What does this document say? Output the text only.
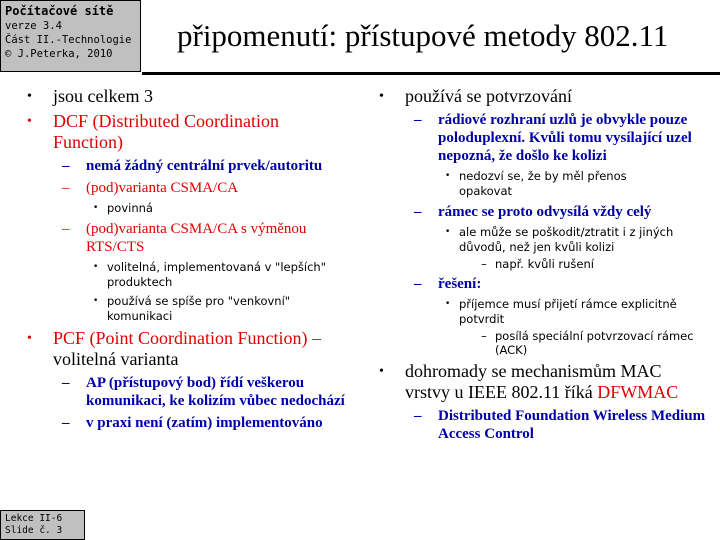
Počítačové sítě
verze 3.4
Část II.-Technologie
© J.Peterka, 2010
připomenutí: přístupové metody 802.11
• jsou celkem 3
• DCF (Distributed Coordination Function)
– nemá žádný centrální prvek/autoritu
– (pod)varianta CSMA/CA
• povinná
– (pod)varianta CSMA/CA s výměnou RTS/CTS
• volitelná, implementovaná v "lepších" produktech
• používá se spíše pro "venkovní" komunikaci
• PCF (Point Coordination Function) – volitelná varianta
– AP (přístupový bod) řídí veškerou komunikaci, ke kolizím vůbec nedochází
– v praxi není (zatím) implementováno
• používá se potvrzování
– rádiové rozhraní uzlů je obvykle pouze poloduplexní. Kvůli tomu vysílající uzel nepozná, že došlo ke kolizi
• nedozví se, že by měl přenos opakovat
– rámec se proto odvysílá vždy celý
• ale může se poškodit/ztratit i z jiných důvodů, než jen kvůli kolizi
– např. kvůli rušení
– řešení:
• příjemce musí přijetí rámce explicitně potvrdit
– posílá speciální potvrzovací rámec (ACK)
• dohromady se mechanismům MAC vrstvy u IEEE 802.11 říká DFWMAC
– Distributed Foundation Wireless Medium Access Control
Lekce II-6
Slide č. 3
